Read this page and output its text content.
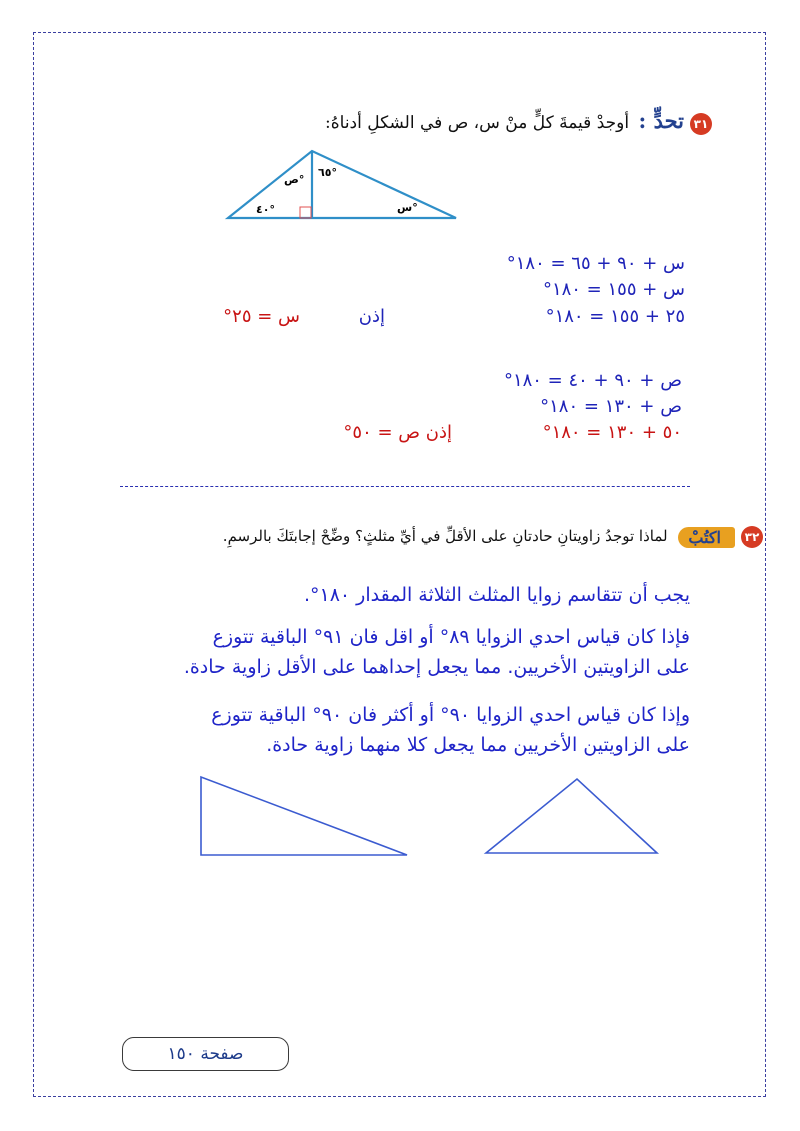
٣١تحدٍّ : أوجدْ قيمةَ كلٍّ منْ س، ص في الشكلِ أدناهُ:
ص°
٦٥°
٤٠°	س°
س + ٩٠ + ٦٥ = ١٨٠°
س + ١٥٥ = ١٨٠°
٢٥ + ١٥٥ = ١٨٠°
س = ٢٥°	إذن
ص + ٩٠ + ٤٠ = ١٨٠°
ص + ١٣٠ = ١٨٠°
٥٠ + ١٣٠ = ١٨٠°
إذن ص = ٥٠°
٣٢اكتُبْ لماذا توجدُ زاويتانِ حادتانِ على الأقلِّ في أيِّ مثلثٍ؟ وضِّحْ إجابتَكَ بالرسمِ.
يجب أن تتقاسم زوايا المثلث الثلاثة المقدار ١٨٠°.
فإذا كان قياس احدي الزوايا ٨٩° أو اقل فان ٩١° الباقية تتوزع
على الزاويتين الأخريين. مما يجعل إحداهما على الأقل زاوية حادة.
وإذا كان قياس احدي الزوايا ٩٠° أو أكثر فان ٩٠° الباقية تتوزع
على الزاويتين الأخريين مما يجعل كلا منهما زاوية حادة.
صفحة ١٥٠
